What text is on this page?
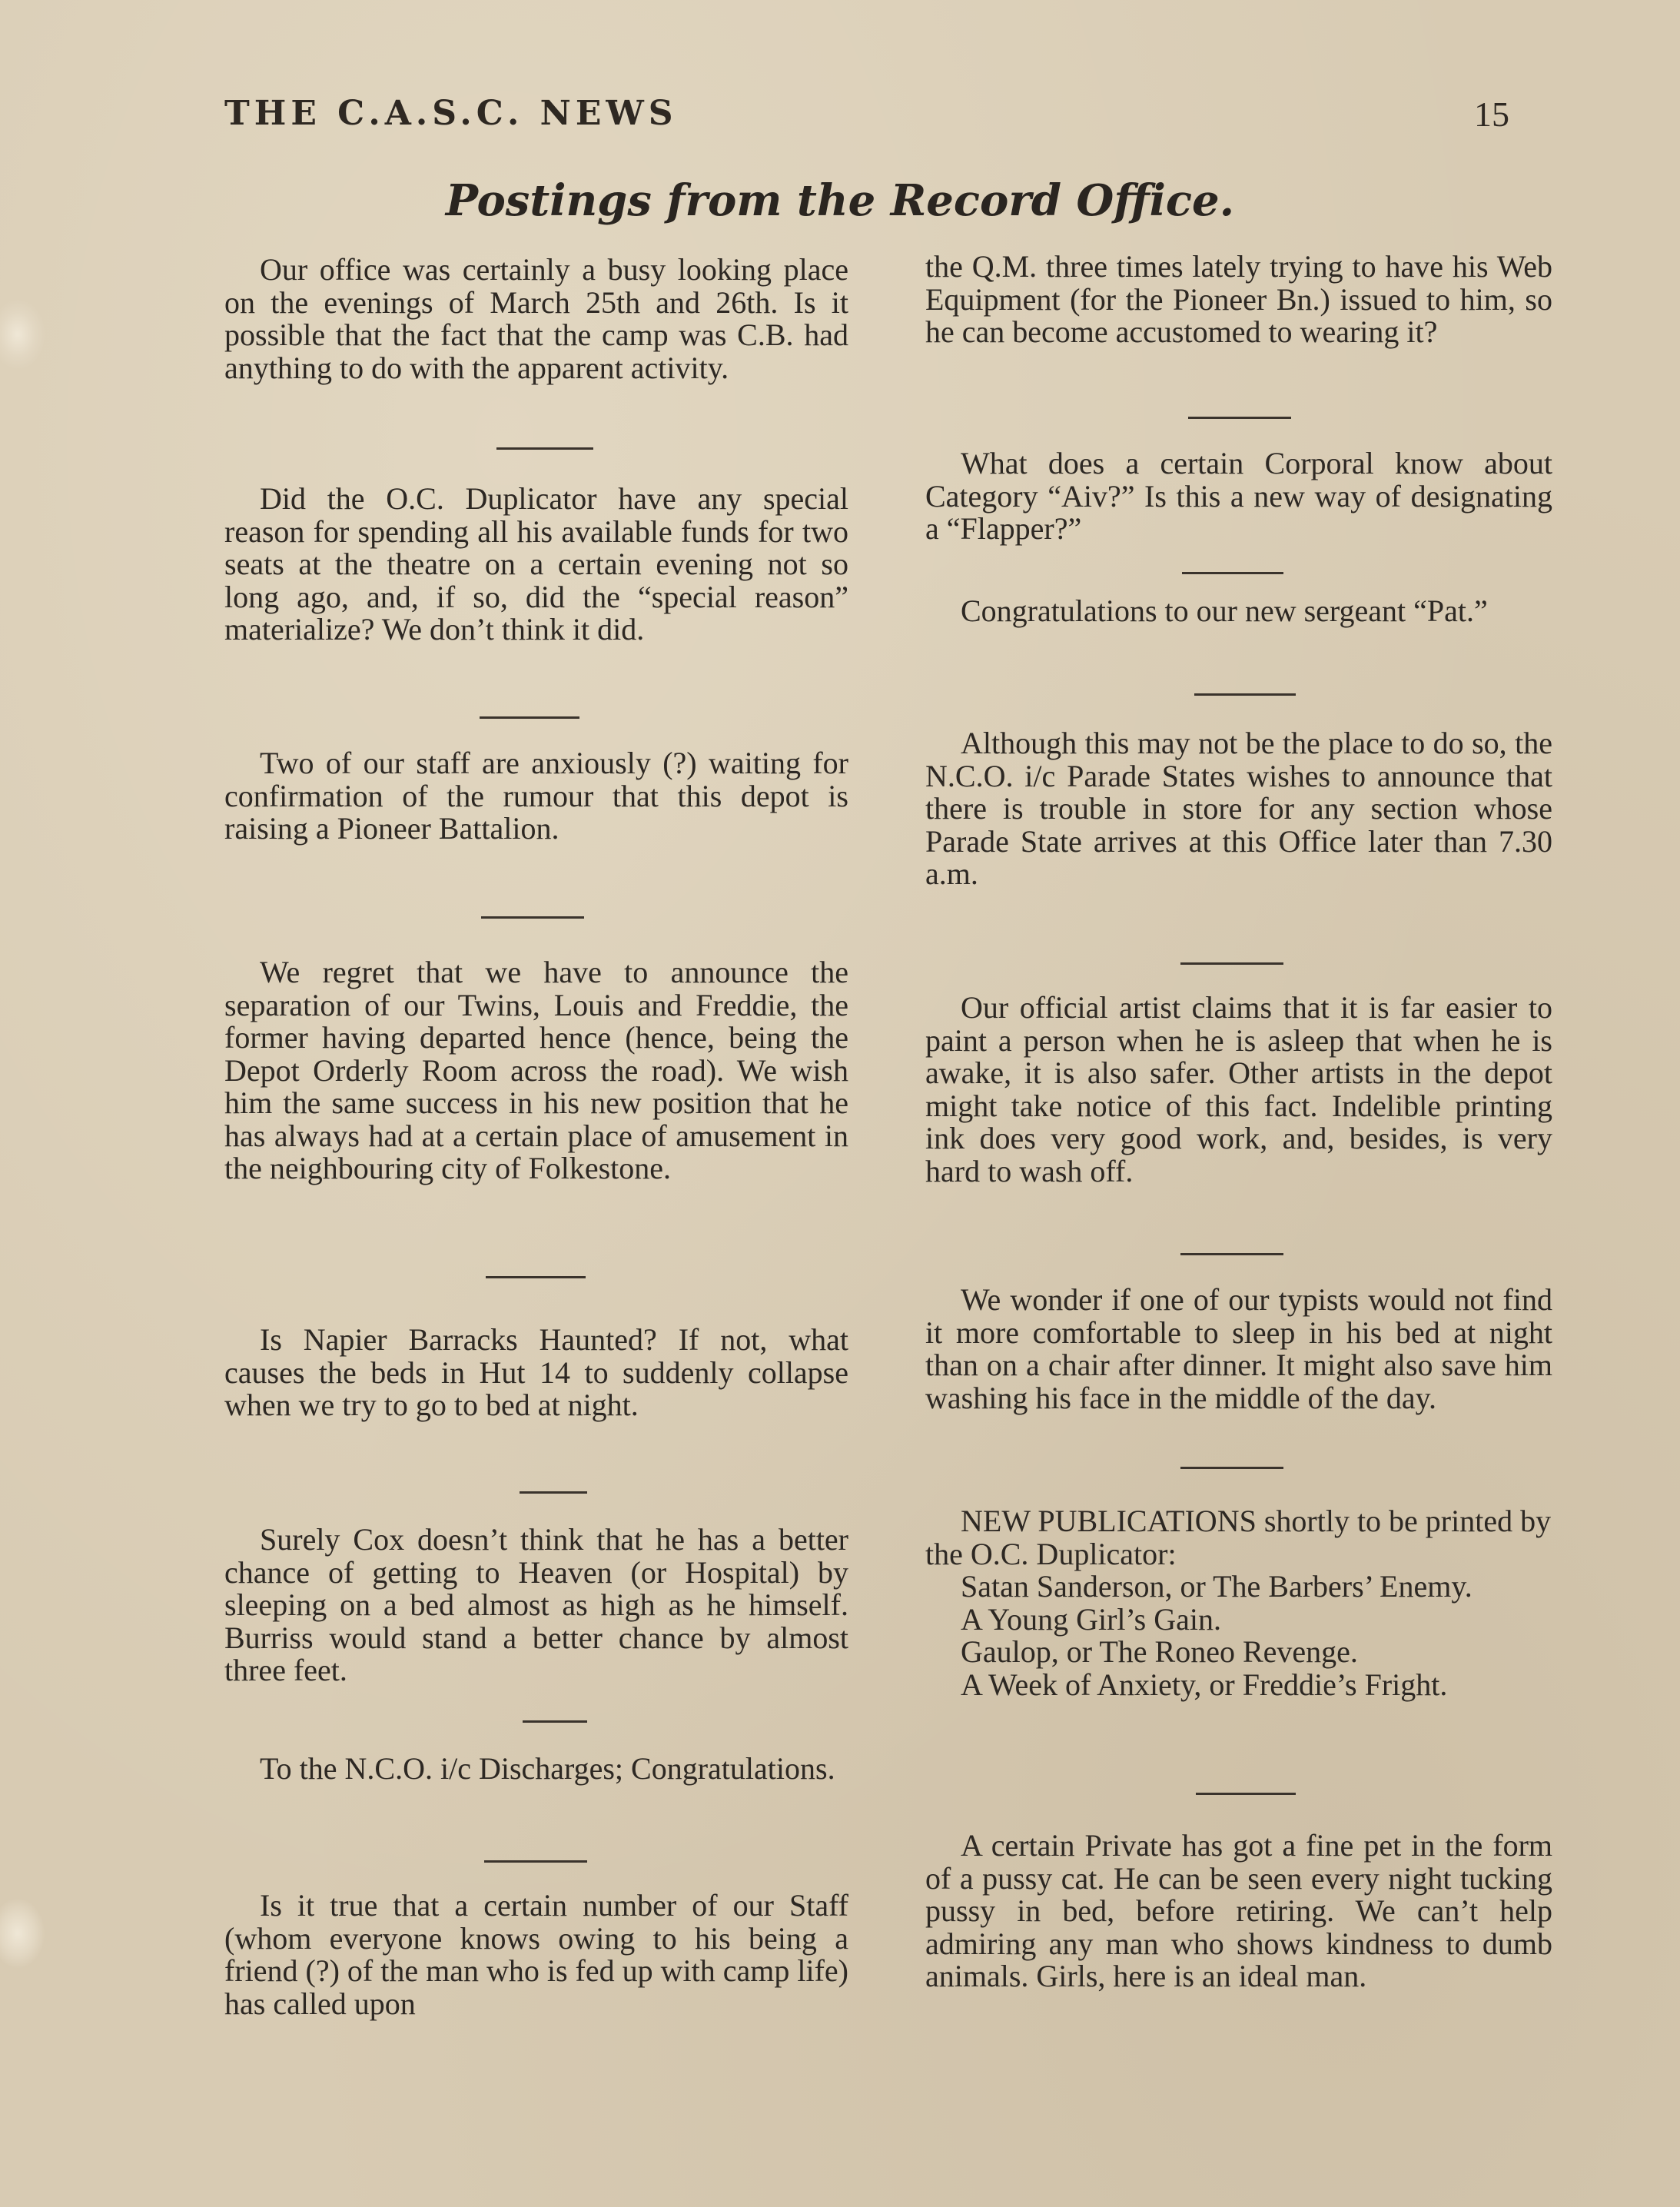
THE C.A.S.C. NEWS	15
Postings from the Record Office.

Our office was certainly a busy looking place on the evenings of March 25th and 26th. Is it possible that the fact that the camp was C.B. had anything to do with the apparent activity.

Did the O.C. Duplicator have any special reason for spending all his available funds for two seats at the theatre on a certain evening not so long ago, and, if so, did the “special reason” materialize? We don’t think it did.

Two of our staff are anxiously (?) waiting for confirmation of the rumour that this depot is raising a Pioneer Battalion.

We regret that we have to announce the separation of our Twins, Louis and Freddie, the former having departed hence (hence, being the Depot Orderly Room across the road). We wish him the same success in his new position that he has always had at a certain place of amusement in the neighbouring city of Folkestone.

Is Napier Barracks Haunted? If not, what causes the beds in Hut 14 to suddenly collapse when we try to go to bed at night.

Surely Cox doesn’t think that he has a better chance of getting to Heaven (or Hospital) by sleeping on a bed almost as high as he himself. Burriss would stand a better chance by almost three feet.

To the N.C.O. i/c Discharges; Congratulations.

Is it true that a certain number of our Staff (whom everyone knows owing to his being a friend (?) of the man who is fed up with camp life) has called upon

the Q.M. three times lately trying to have his Web Equipment (for the Pioneer Bn.) issued to him, so he can become accustomed to wearing it?

What does a certain Corporal know about Category “Aiv?” Is this a new way of designating a “Flapper?”

Congratulations to our new sergeant “Pat.”

Although this may not be the place to do so, the N.C.O. i/c Parade States wishes to announce that there is trouble in store for any section whose Parade State arrives at this Office later than 7.30 a.m.

Our official artist claims that it is far easier to paint a person when he is asleep that when he is awake, it is also safer. Other artists in the depot might take notice of this fact. Indelible printing ink does very good work, and, besides, is very hard to wash off.

We wonder if one of our typists would not find it more comfortable to sleep in his bed at night than on a chair after dinner. It might also save him washing his face in the middle of the day.

NEW PUBLICATIONS shortly to be printed by the O.C. Duplicator:

Satan Sanderson, or The Barbers’ Enemy.

A Young Girl’s Gain.

Gaulop, or The Roneo Revenge.

A Week of Anxiety, or Freddie’s Fright.

A certain Private has got a fine pet in the form of a pussy cat. He can be seen every night tucking pussy in bed, before retiring. We can’t help admiring any man who shows kindness to dumb animals. Girls, here is an ideal man.
